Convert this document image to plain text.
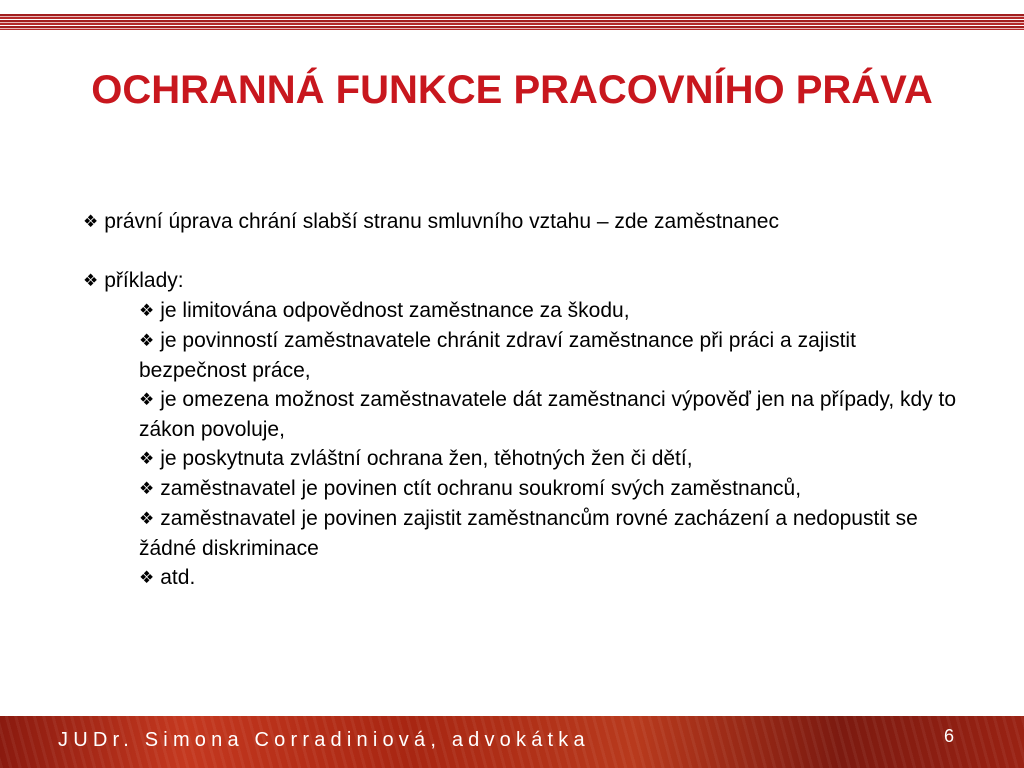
OCHRANNÁ FUNKCE PRACOVNÍHO PRÁVA

❖ právní úprava chrání slabší stranu smluvního vztahu – zde zaměstnanec

❖ příklady:

❖ je limitována odpovědnost zaměstnance za škodu,

❖ je povinností zaměstnavatele chránit zdraví zaměstnance při práci a zajistit bezpečnost práce,

❖ je omezena možnost zaměstnavatele dát zaměstnanci výpověď jen na případy, kdy to zákon povoluje,

❖ je poskytnuta zvláštní ochrana žen, těhotných žen či dětí,

❖ zaměstnavatel je povinen ctít ochranu soukromí svých zaměstnanců,

❖ zaměstnavatel je povinen zajistit zaměstnancům rovné zacházení a nedopustit se žádné diskriminace

❖ atd.

JUDr. Simona Corradiniová, advokátka	6
